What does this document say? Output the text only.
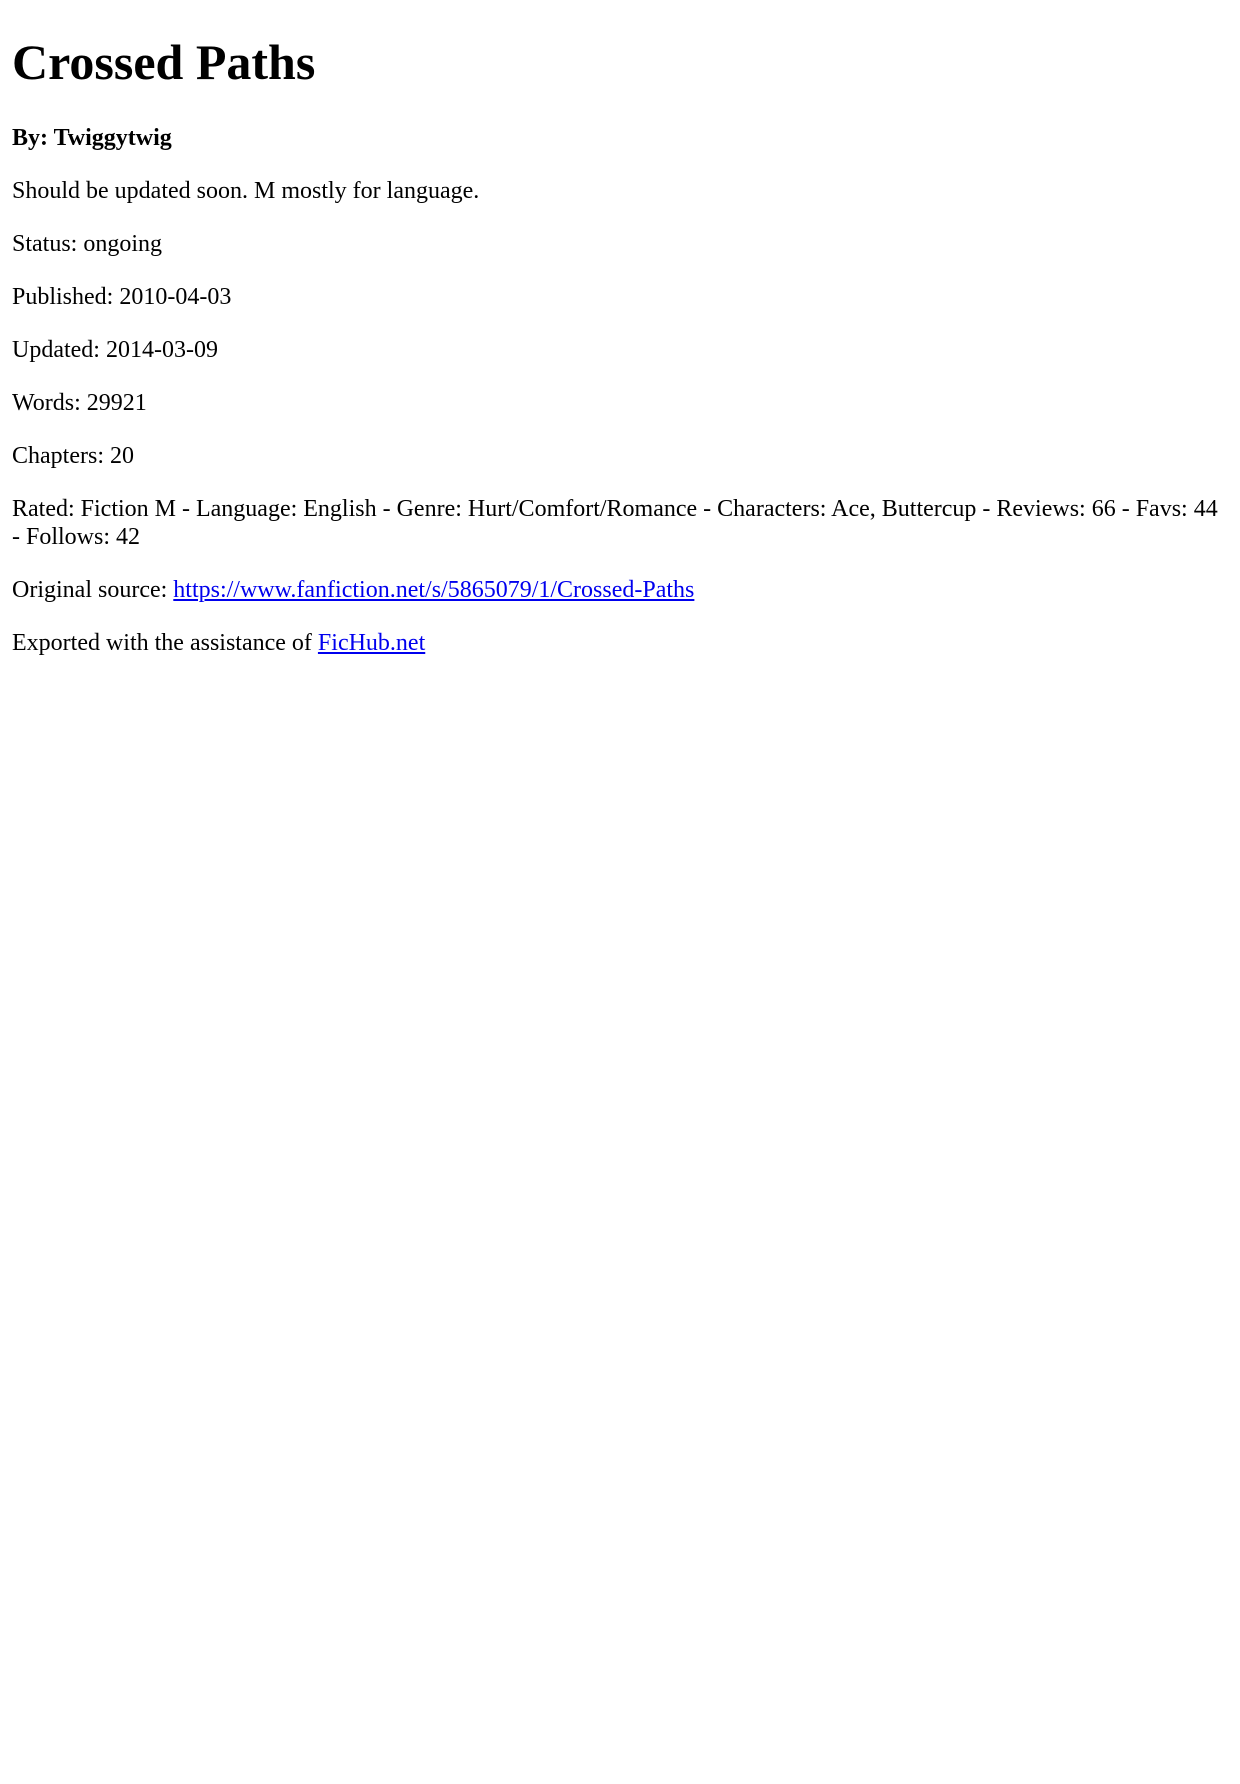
Crossed Paths
By: Twiggytwig

Should be updated soon. M mostly for language.

Status: ongoing

Published: 2010-04-03

Updated: 2014-03-09

Words: 29921

Chapters: 20

Rated: Fiction M - Language: English - Genre: Hurt/Comfort/Romance - Characters: Ace, Buttercup - Reviews: 66 - Favs: 44 - Follows: 42

Original source: https://www.fanfiction.net/s/5865079/1/Crossed-Paths

Exported with the assistance of FicHub.net
